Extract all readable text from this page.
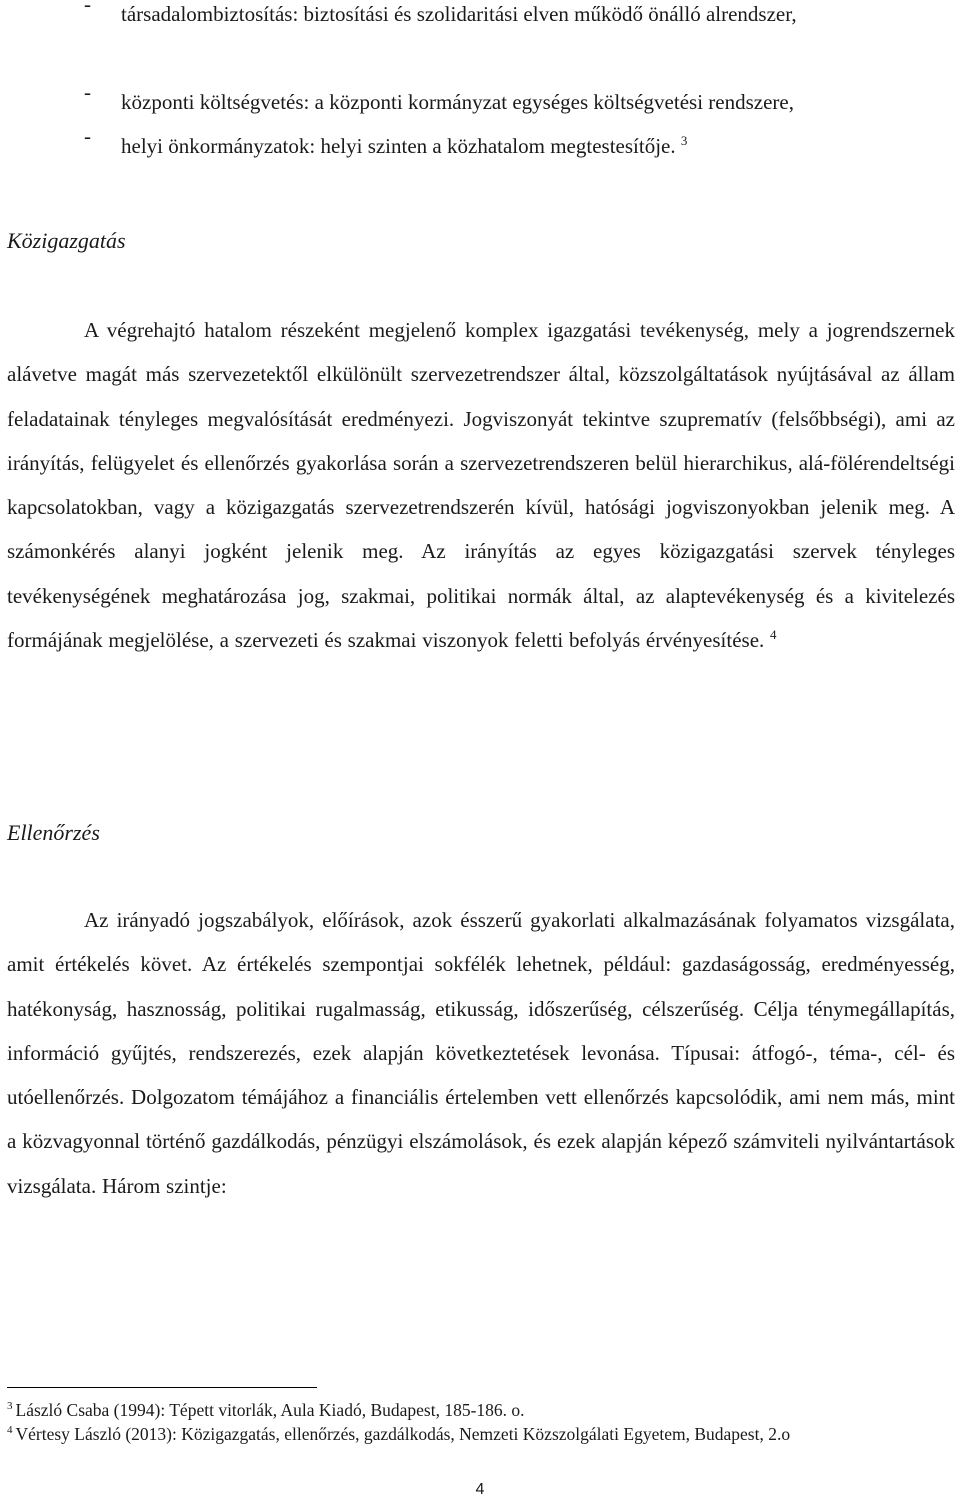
- társadalombiztosítás: biztosítási és szolidaritási elven működő önálló alrendszer,
- központi költségvetés: a központi kormányzat egységes költségvetési rendszere,
- helyi önkormányzatok: helyi szinten a közhatalom megtestesítője. $^3$
Közigazgatás

A végrehajtó hatalom részeként megjelenő komplex igazgatási tevékenység, mely a jogrendszernek alávetve magát más szervezetektől elkülönült szervezetrendszer által, közszolgáltatások nyújtásával az állam feladatainak tényleges megvalósítását eredményezi. Jogviszonyát tekintve szuprematív (felsőbbségi), ami az irányítás, felügyelet és ellenőrzés gyakorlása során a szervezetrendszeren belül hierarchikus, alá-fölérendeltségi kapcsolatokban, vagy a közigazgatás szervezetrendszerén kívül, hatósági jogviszonyokban jelenik meg. A számonkérés alanyi jogként jelenik meg. Az irányítás az egyes közigazgatási szervek tényleges tevékenységének meghatározása jog, szakmai, politikai normák által, az alaptevékenység és a kivitelezés formájának megjelölése, a szervezeti és szakmai viszonyok feletti befolyás érvényesítése. $^4$

Ellenőrzés

Az irányadó jogszabályok, előírások, azok ésszerű gyakorlati alkalmazásának folyamatos vizsgálata, amit értékelés követ. Az értékelés szempontjai sokfélék lehetnek, például: gazdaságosság, eredményesség, hatékonyság, hasznosság, politikai rugalmasság, etikusság, időszerűség, célszerűség. Célja ténymegállapítás, információ gyűjtés, rendszerezés, ezek alapján következtetések levonása. Típusai: átfogó-, téma-, cél- és utóellenőrzés. Dolgozatom témájához a financiális értelemben vett ellenőrzés kapcsolódik, ami nem más, mint a közvagyonnal történő gazdálkodás, pénzügyi elszámolások, és ezek alapján képező számviteli nyilvántartások vizsgálata. Három szintje:

$^3$ László Csaba (1994): Tépett vitorlák, Aula Kiadó, Budapest, 185-186. o.

$^4$ Vértesy László (2013): Közigazgatás, ellenőrzés, gazdálkodás, Nemzeti Közszolgálati Egyetem, Budapest, 2.o

4
